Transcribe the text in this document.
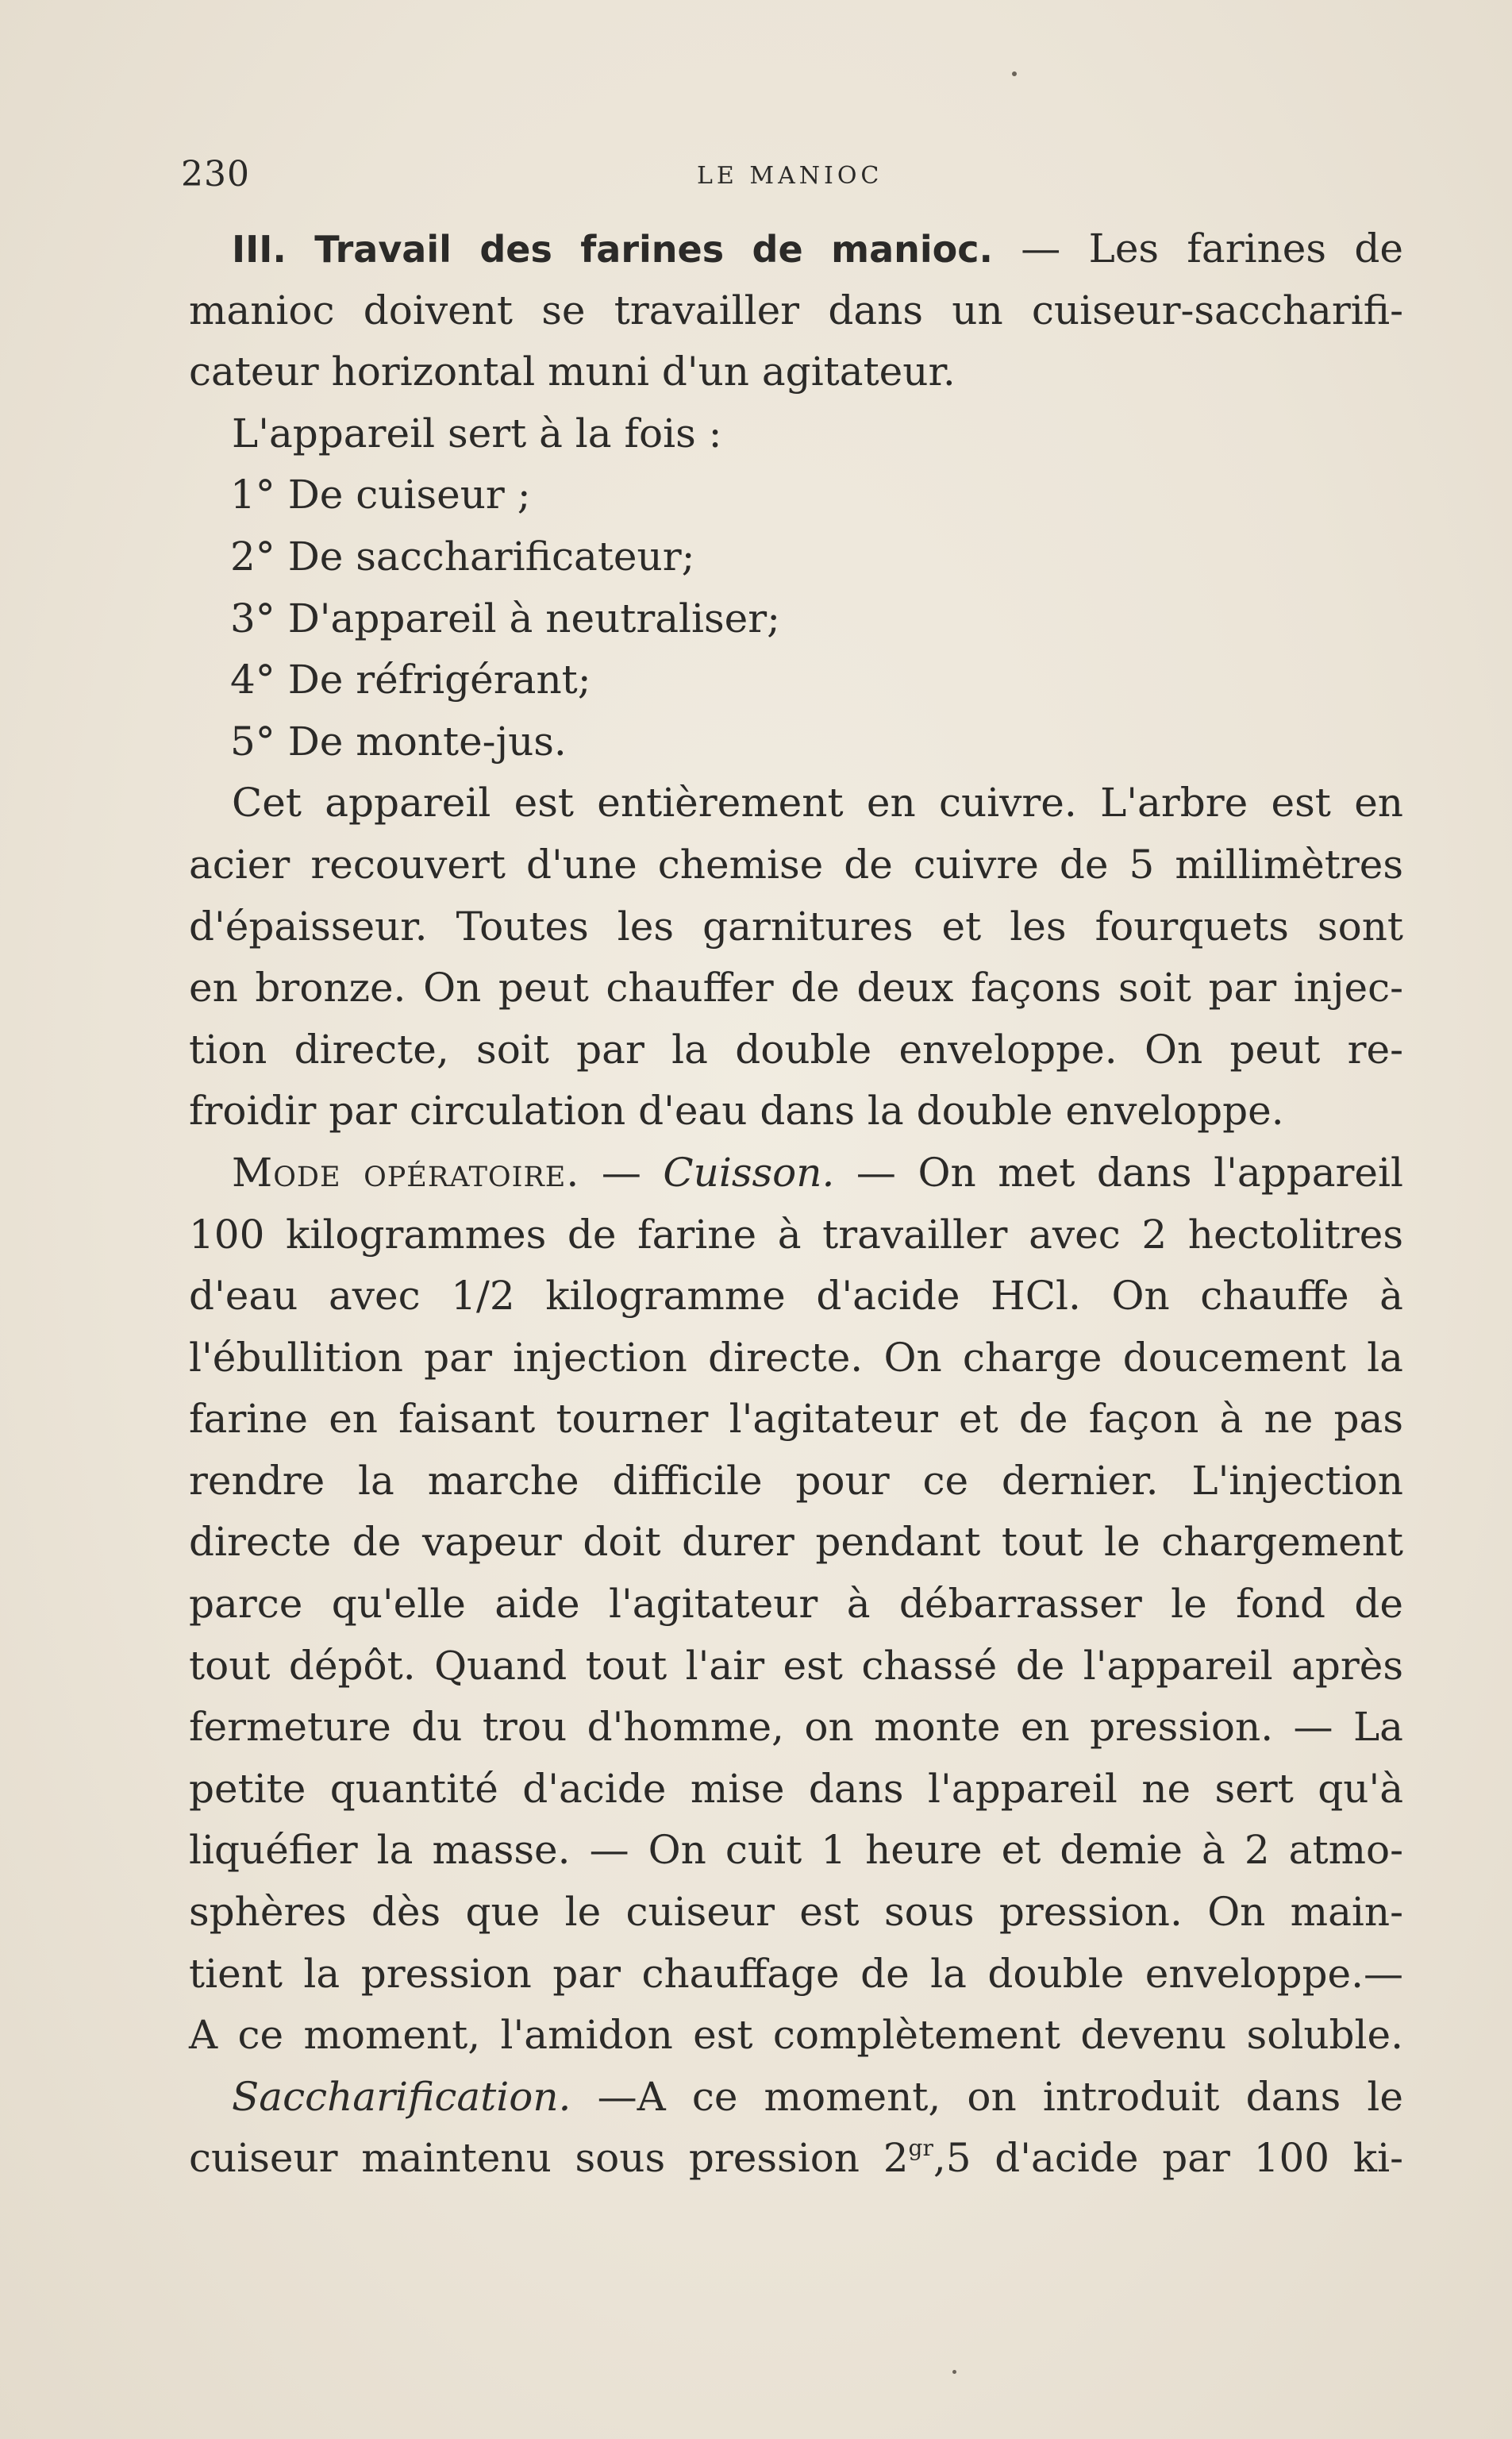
230	LE MANIOC
III. Travail des farines de manioc. — Les farines de
manioc doivent se travailler dans un cuiseur-saccharifi-
cateur horizontal muni d'un agitateur.
L'appareil sert à la fois :
1° De cuiseur ;
2° De saccharificateur;
3° D'appareil à neutraliser;
4° De réfrigérant;
5° De monte-jus.
Cet appareil est entièrement en cuivre. L'arbre est en
acier recouvert d'une chemise de cuivre de 5 millimètres
d'épaisseur. Toutes les garnitures et les fourquets sont
en bronze. On peut chauffer de deux façons soit par injec-
tion directe, soit par la double enveloppe. On peut re-
froidir par circulation d'eau dans la double enveloppe.
Mode opératoire. — Cuisson. — On met dans l'appareil
100 kilogrammes de farine à travailler avec 2 hectolitres
d'eau avec 1/2 kilogramme d'acide HCl. On chauffe à
l'ébullition par injection directe. On charge doucement la
farine en faisant tourner l'agitateur et de façon à ne pas
rendre la marche difficile pour ce dernier. L'injection
directe de vapeur doit durer pendant tout le chargement
parce qu'elle aide l'agitateur à débarrasser le fond de
tout dépôt. Quand tout l'air est chassé de l'appareil après
fermeture du trou d'homme, on monte en pression. — La
petite quantité d'acide mise dans l'appareil ne sert qu'à
liquéfier la masse. — On cuit 1 heure et demie à 2 atmo-
sphères dès que le cuiseur est sous pression. On main-
tient la pression par chauffage de la double enveloppe.—
A ce moment, l'amidon est complètement devenu soluble.
Saccharification. —A ce moment, on introduit dans le
cuiseur maintenu sous pression $2^{gr},5$ d'acide par 100 ki-
